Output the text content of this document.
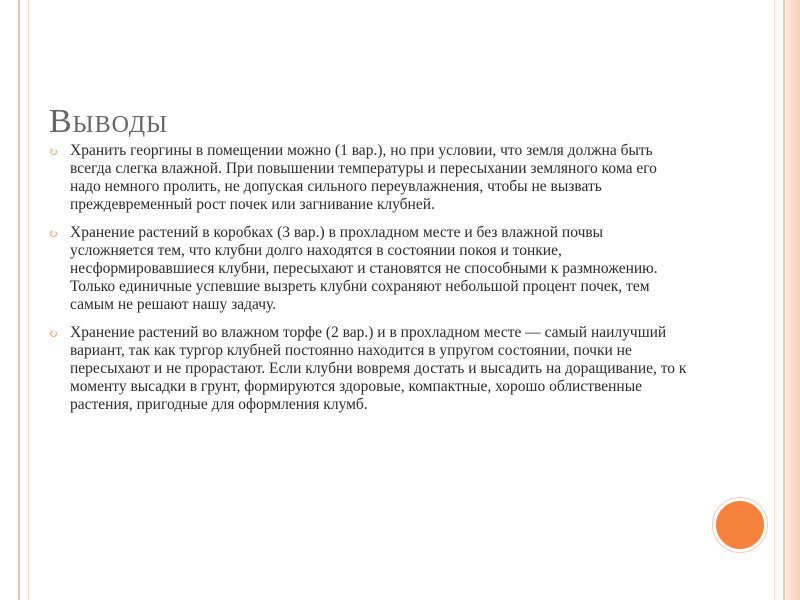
Выводы
↻ Хранить георгины в помещении можно (1 вар.), но при условии, что земля должна быть всегда слегка влажной. При повышении температуры и пересыхании земляного кома его надо немного пролить, не допуская сильного переувлажнения, чтобы не вызвать преждевременный рост почек или загнивание клубней.
↻ Хранение растений в коробках (3 вар.) в прохладном месте и без влажной почвы усложняется тем, что клубни долго находятся в состоянии покоя и тонкие, несформировавшиеся клубни, пересыхают и становятся не способными к размножению. Только единичные успевшие вызреть клубни сохраняют небольшой процент почек, тем самым не решают нашу задачу.
↻ Хранение растений во влажном торфе (2 вар.) и в прохладном месте — самый наилучший вариант, так как тургор клубней постоянно находится в упругом состоянии, почки не пересыхают и не прорастают. Если клубни вовремя достать и высадить на доращивание, то к моменту высадки в грунт, формируются здоровые, компактные, хорошо облиственные растения, пригодные для оформления клумб.
